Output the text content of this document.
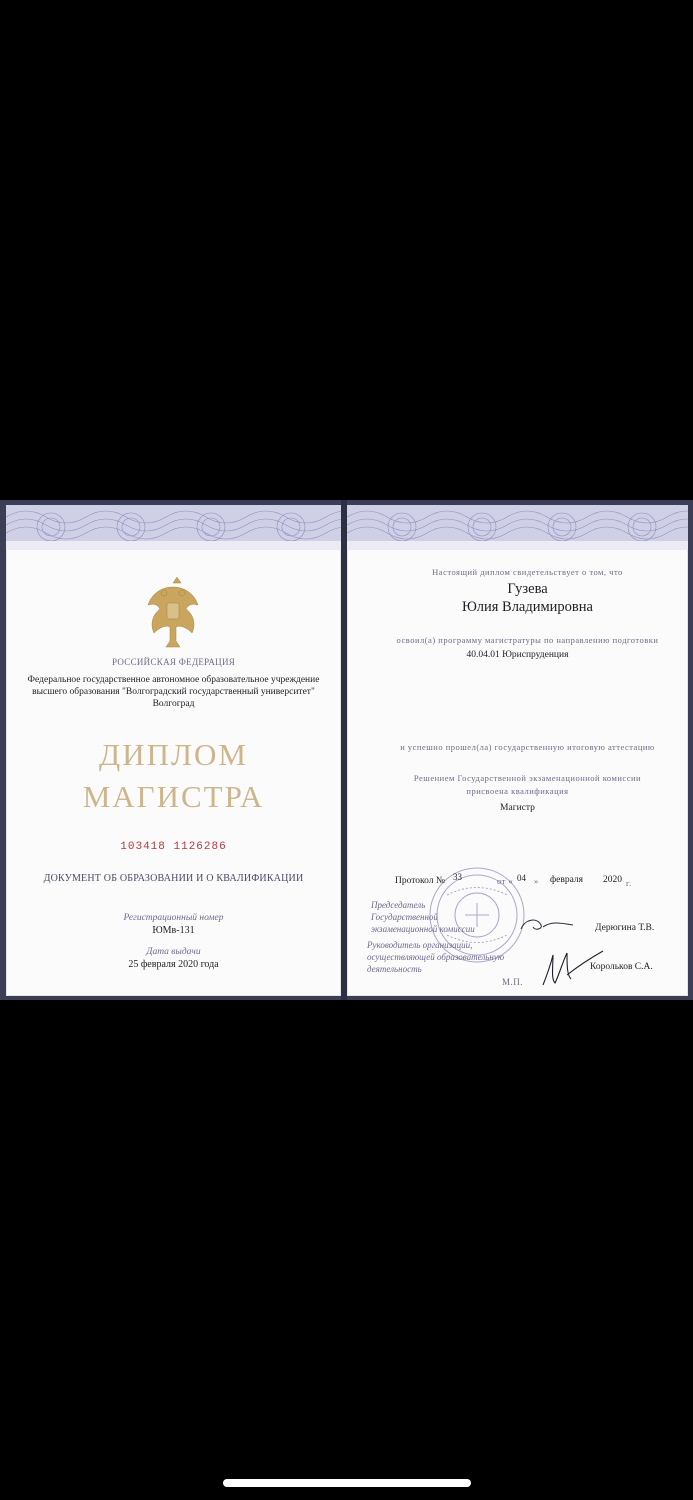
РОССИЙСКАЯ ФЕДЕРАЦИЯ
Федеральное государственное автономное образовательное учреждение
высшего образования "Волгоградский государственный университет"
Волгоград
ДИПЛОМ
МАГИСТРА
103418 1126286
ДОКУМЕНТ ОБ ОБРАЗОВАНИИ И О КВАЛИФИКАЦИИ
Регистрационный номер
ЮМв-131
Дата выдачи
25 февраля 2020 года
Настоящий диплом свидетельствует о том, что
Гузева
Юлия Владимировна
освоил(а) программу магистратуры по направлению подготовки
40.04.01 Юриспруденция
и успешно прошел(ла) государственную итоговую аттестацию
Решением Государственной экзаменационной комиссии
присвоена квалификация
Магистр
Протокол № 33	от « 04 » февраля 2020 г.
Председатель
Государственной
экзаменационной комиссии	Дерюгина Т.В.
Руководитель организации,
осуществляющей образовательную
деятельность	Корольков С.А.
М.П.
